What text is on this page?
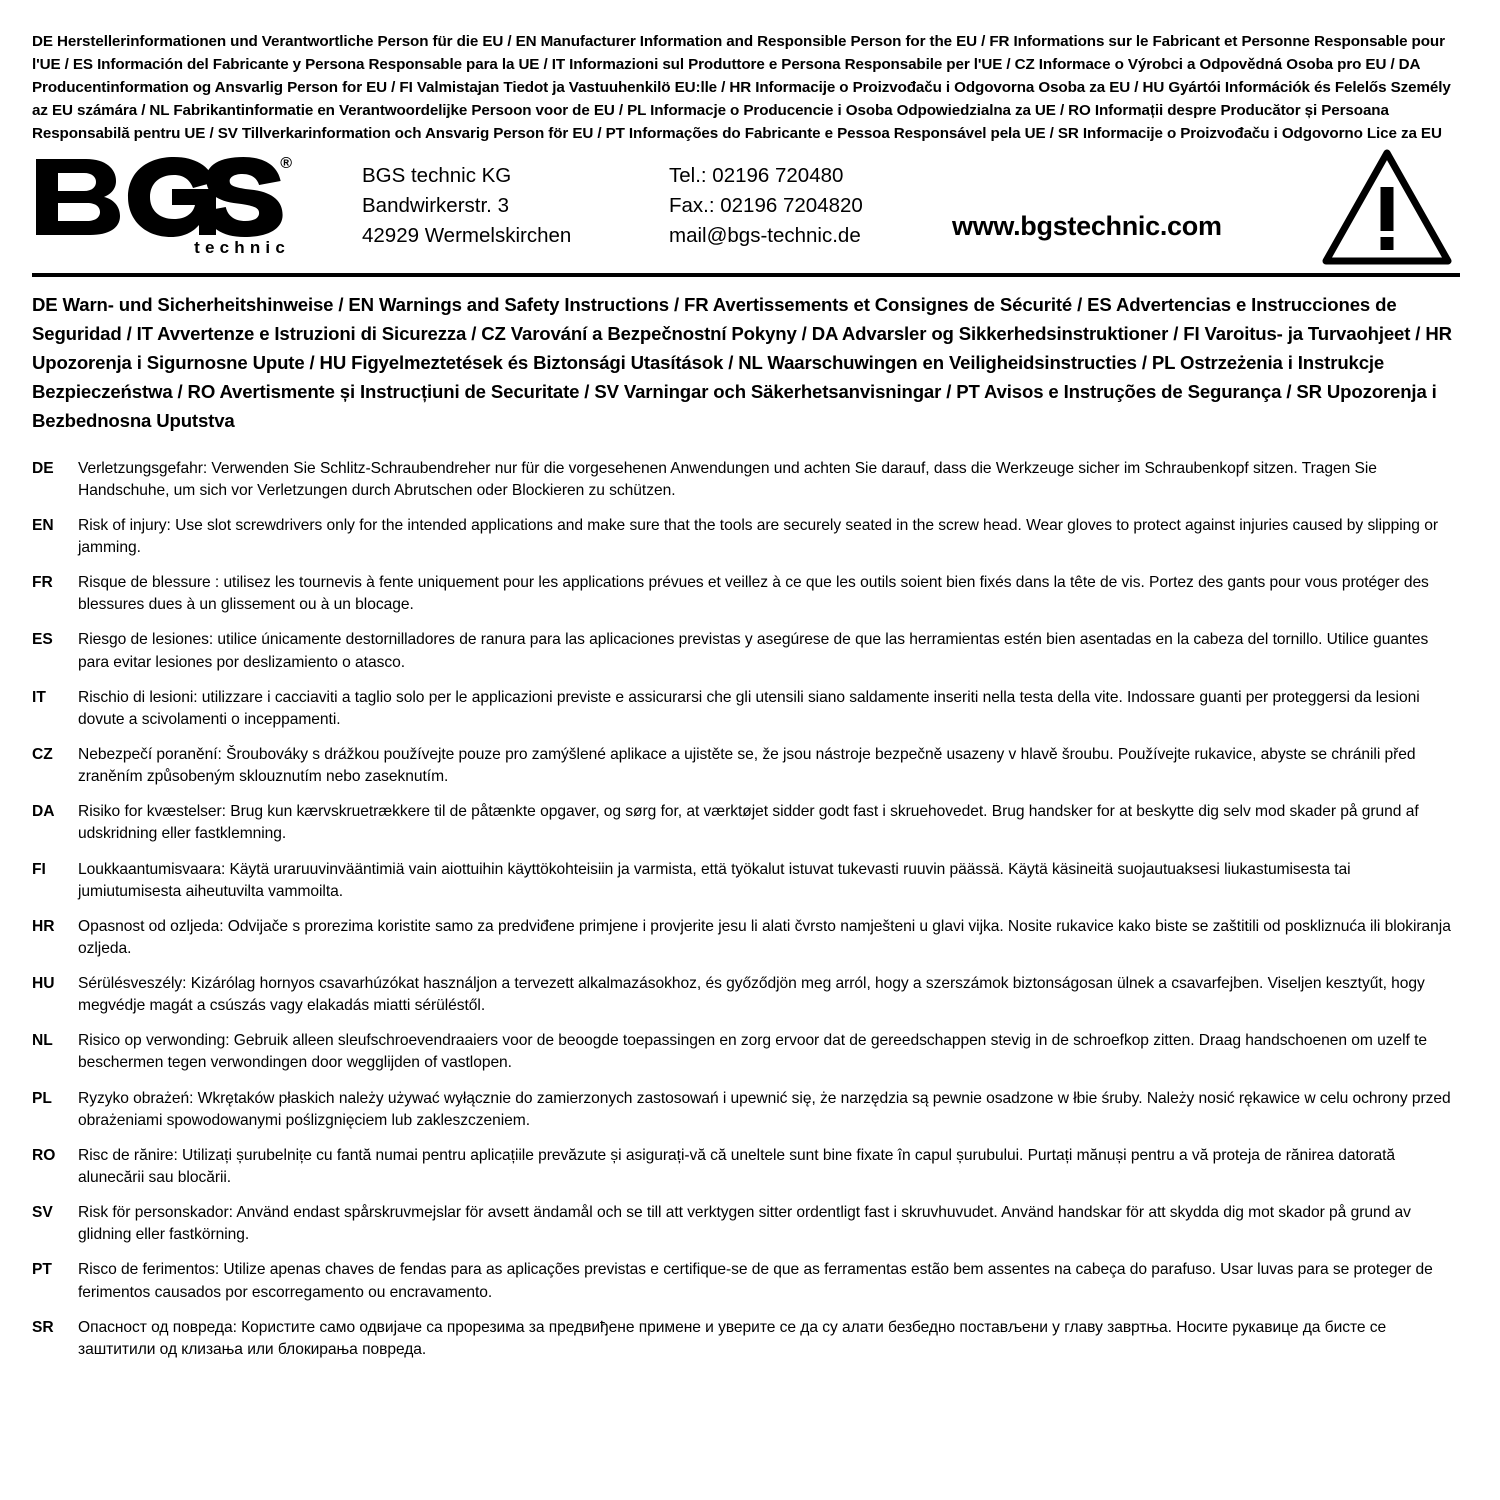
DE Herstellerinformationen und Verantwortliche Person für die EU / EN Manufacturer Information and Responsible Person for the EU / FR Informations sur le Fabricant et Personne Responsable pour l'UE / ES Información del Fabricante y Persona Responsable para la UE / IT Informazioni sul Produttore e Persona Responsabile per l'UE / CZ Informace o Výrobci a Odpovědná Osoba pro EU / DA Producentinformation og Ansvarlig Person for EU / FI Valmistajan Tiedot ja Vastuuhenkilö EU:lle / HR Informacije o Proizvođaču i Odgovorna Osoba za EU / HU Gyártói Információk és Felelős Személy az EU számára / NL Fabrikantinformatie en Verantwoordelijke Persoon voor de EU / PL Informacje o Producencie i Osoba Odpowiedzialna za UE / RO Informații despre Producător și Persoana Responsabilă pentru UE / SV Tillverkarinformation och Ansvarig Person för EU / PT Informações do Fabricante e Pessoa Responsável pela UE / SR Informacije o Proizvođaču i Odgovorno Lice za EU
®
technic
BGS technic KG
Bandwirkerstr. 3
42929 Wermelskirchen
Tel.: 02196 720480
Fax.: 02196 7204820
mail@bgs-technic.de	www.bgstechnic.com
DE Warn- und Sicherheitshinweise / EN Warnings and Safety Instructions / FR Avertissements et Consignes de Sécurité / ES Advertencias e Instrucciones de Seguridad / IT Avvertenze e Istruzioni di Sicurezza / CZ Varování a Bezpečnostní Pokyny / DA Advarsler og Sikkerhedsinstruktioner / FI Varoitus- ja Turvaohjeet / HR Upozorenja i Sigurnosne Upute / HU Figyelmeztetések és Biztonsági Utasítások / NL Waarschuwingen en Veiligheidsinstructies / PL Ostrzeżenia i Instrukcje Bezpieczeństwa / RO Avertismente și Instrucțiuni de Securitate / SV Varningar och Säkerhetsanvisningar / PT Avisos e Instruções de Segurança / SR Upozorenja i Bezbednosna Uputstva
DE	Verletzungsgefahr: Verwenden Sie Schlitz-Schraubendreher nur für die vorgesehenen Anwendungen und achten Sie darauf, dass die Werkzeuge sicher im Schraubenkopf sitzen. Tragen Sie Handschuhe, um sich vor Verletzungen durch Abrutschen oder Blockieren zu schützen.
EN	Risk of injury: Use slot screwdrivers only for the intended applications and make sure that the tools are securely seated in the screw head. Wear gloves to protect against injuries caused by slipping or jamming.
FR	Risque de blessure : utilisez les tournevis à fente uniquement pour les applications prévues et veillez à ce que les outils soient bien fixés dans la tête de vis. Portez des gants pour vous protéger des blessures dues à un glissement ou à un blocage.
ES	Riesgo de lesiones: utilice únicamente destornilladores de ranura para las aplicaciones previstas y asegúrese de que las herramientas estén bien asentadas en la cabeza del tornillo. Utilice guantes para evitar lesiones por deslizamiento o atasco.
IT	Rischio di lesioni: utilizzare i cacciaviti a taglio solo per le applicazioni previste e assicurarsi che gli utensili siano saldamente inseriti nella testa della vite. Indossare guanti per proteggersi da lesioni dovute a scivolamenti o inceppamenti.
CZ	Nebezpečí poranění: Šroubováky s drážkou používejte pouze pro zamýšlené aplikace a ujistěte se, že jsou nástroje bezpečně usazeny v hlavě šroubu. Používejte rukavice, abyste se chránili před zraněním způsobeným sklouznutím nebo zaseknutím.
DA	Risiko for kvæstelser: Brug kun kærvskruetrækkere til de påtænkte opgaver, og sørg for, at værktøjet sidder godt fast i skruehovedet. Brug handsker for at beskytte dig selv mod skader på grund af udskridning eller fastklemning.
FI	Loukkaantumisvaara: Käytä uraruuvinvääntimiä vain aiottuihin käyttökohteisiin ja varmista, että työkalut istuvat tukevasti ruuvin päässä. Käytä käsineitä suojautuaksesi liukastumisesta tai jumiutumisesta aiheutuvilta vammoilta.
HR	Opasnost od ozljeda: Odvijače s prorezima koristite samo za predviđene primjene i provjerite jesu li alati čvrsto namješteni u glavi vijka. Nosite rukavice kako biste se zaštitili od poskliznuća ili blokiranja ozljeda.
HU	Sérülésveszély: Kizárólag hornyos csavarhúzókat használjon a tervezett alkalmazásokhoz, és győződjön meg arról, hogy a szerszámok biztonságosan ülnek a csavarfejben. Viseljen kesztyűt, hogy megvédje magát a csúszás vagy elakadás miatti sérüléstől.
NL	Risico op verwonding: Gebruik alleen sleufschroevendraaiers voor de beoogde toepassingen en zorg ervoor dat de gereedschappen stevig in de schroefkop zitten. Draag handschoenen om uzelf te beschermen tegen verwondingen door wegglijden of vastlopen.
PL	Ryzyko obrażeń: Wkrętaków płaskich należy używać wyłącznie do zamierzonych zastosowań i upewnić się, że narzędzia są pewnie osadzone w łbie śruby. Należy nosić rękawice w celu ochrony przed obrażeniami spowodowanymi poślizgnięciem lub zakleszczeniem.
RO	Risc de rănire: Utilizați șurubelnițe cu fantă numai pentru aplicațiile prevăzute și asigurați-vă că uneltele sunt bine fixate în capul șurubului. Purtați mănuși pentru a vă proteja de rănirea datorată alunecării sau blocării.
SV	Risk för personskador: Använd endast spårskruvmejslar för avsett ändamål och se till att verktygen sitter ordentligt fast i skruvhuvudet. Använd handskar för att skydda dig mot skador på grund av glidning eller fastkörning.
PT	Risco de ferimentos: Utilize apenas chaves de fendas para as aplicações previstas e certifique-se de que as ferramentas estão bem assentes na cabeça do parafuso. Usar luvas para se proteger de ferimentos causados por escorregamento ou encravamento.
SR	Опасност од повреда: Користите само одвијаче са прорезима за предвиђене примене и уверите се да су алати безбедно постављени у главу завртња. Носите рукавице да бисте се заштитили од клизања или блокирања повреда.
